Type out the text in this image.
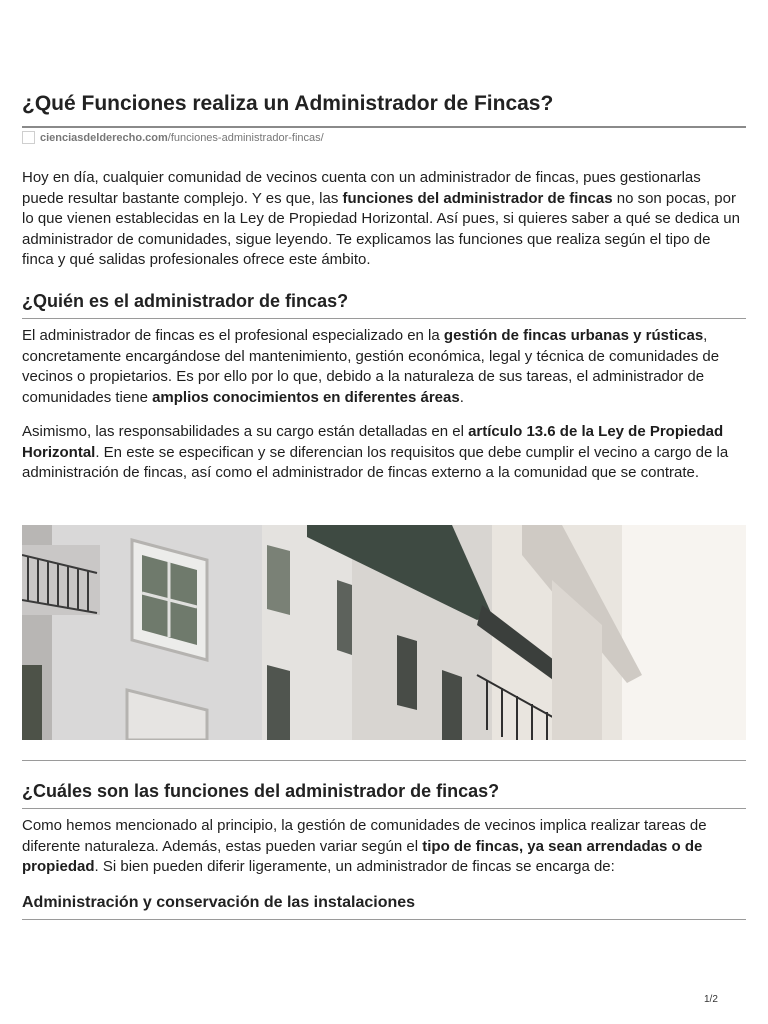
¿Qué Funciones realiza un Administrador de Fincas?
cienciasdelderecho.com /funciones-administrador-fincas/

Hoy en día, cualquier comunidad de vecinos cuenta con un administrador de fincas, pues gestionarlas puede resultar bastante complejo. Y es que, las funciones del administrador de fincas no son pocas, por lo que vienen establecidas en la Ley de Propiedad Horizontal. Así pues, si quieres saber a qué se dedica un administrador de comunidades, sigue leyendo. Te explicamos las funciones que realiza según el tipo de finca y qué salidas profesionales ofrece este ámbito.

¿Quién es el administrador de fincas?

El administrador de fincas es el profesional especializado en la gestión de fincas urbanas y rústicas, concretamente encargándose del mantenimiento, gestión económica, legal y técnica de comunidades de vecinos o propietarios. Es por ello por lo que, debido a la naturaleza de sus tareas, el administrador de comunidades tiene amplios conocimientos en diferentes áreas.

Asimismo, las responsabilidades a su cargo están detalladas en el artículo 13.6 de la Ley de Propiedad Horizontal. En este se especifican y se diferencian los requisitos que debe cumplir el vecino a cargo de la administración de fincas, así como el administrador de fincas externo a la comunidad que se contrate.

¿Cuáles son las funciones del administrador de fincas?

Como hemos mencionado al principio, la gestión de comunidades de vecinos implica realizar tareas de diferente naturaleza. Además, estas pueden variar según el tipo de fincas, ya sean arrendadas o de propiedad. Si bien pueden diferir ligeramente, un administrador de fincas se encarga de:

Administración y conservación de las instalaciones
1/2
